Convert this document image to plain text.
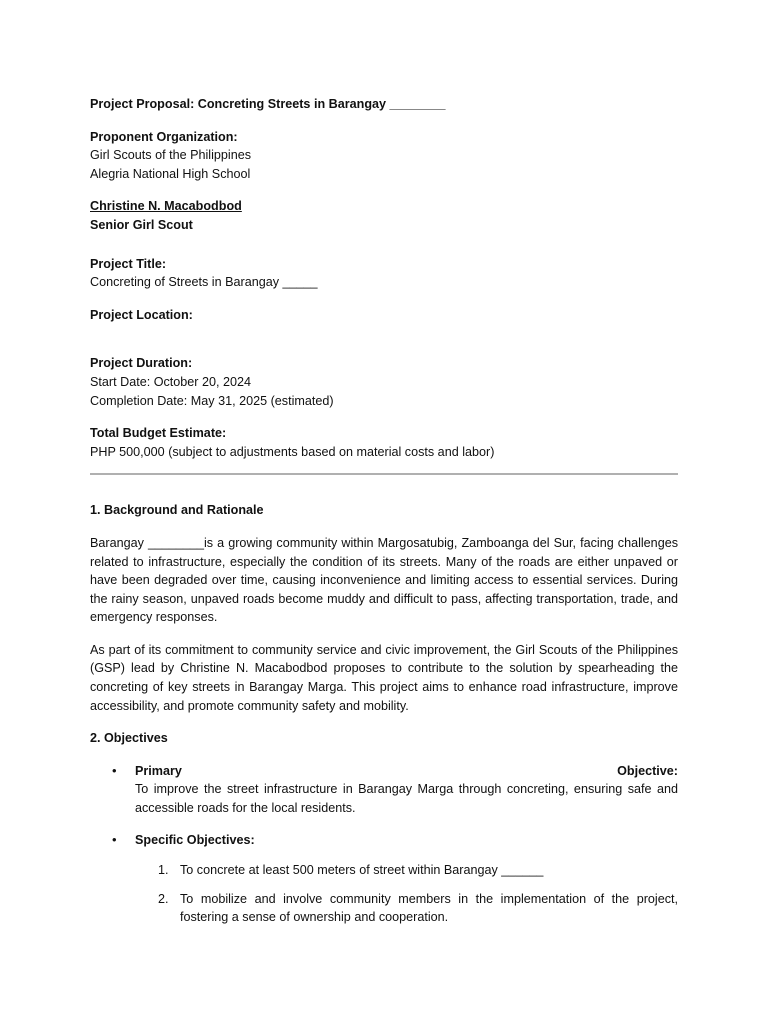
Project Proposal: Concreting Streets in Barangay ________

Proponent Organization:

Girl Scouts of the Philippines

Alegria National High School

Christine N. Macabodbod

Senior Girl Scout

Project Title:

Concreting of Streets in Barangay _____

Project Location:

Project Duration:

Start Date: October 20, 2024

Completion Date: May 31, 2025 (estimated)

Total Budget Estimate:

PHP 500,000 (subject to adjustments based on material costs and labor)

1. Background and Rationale

Barangay ________is a growing community within Margosatubig, Zamboanga del Sur, facing challenges related to infrastructure, especially the condition of its streets. Many of the roads are either unpaved or have been degraded over time, causing inconvenience and limiting access to essential services. During the rainy season, unpaved roads become muddy and difficult to pass, affecting transportation, trade, and emergency responses.

As part of its commitment to community service and civic improvement, the Girl Scouts of the Philippines (GSP) lead by Christine N. Macabodbod proposes to contribute to the solution by spearheading the concreting of key streets in Barangay Marga. This project aims to enhance road infrastructure, improve accessibility, and promote community safety and mobility.

2. Objectives

• Primary	Objective:

To improve the street infrastructure in Barangay Marga through concreting, ensuring safe and accessible roads for the local residents.

• Specific Objectives:

1. To concrete at least 500 meters of street within Barangay ______
2. To mobilize and involve community members in the implementation of the project, fostering a sense of ownership and cooperation.
